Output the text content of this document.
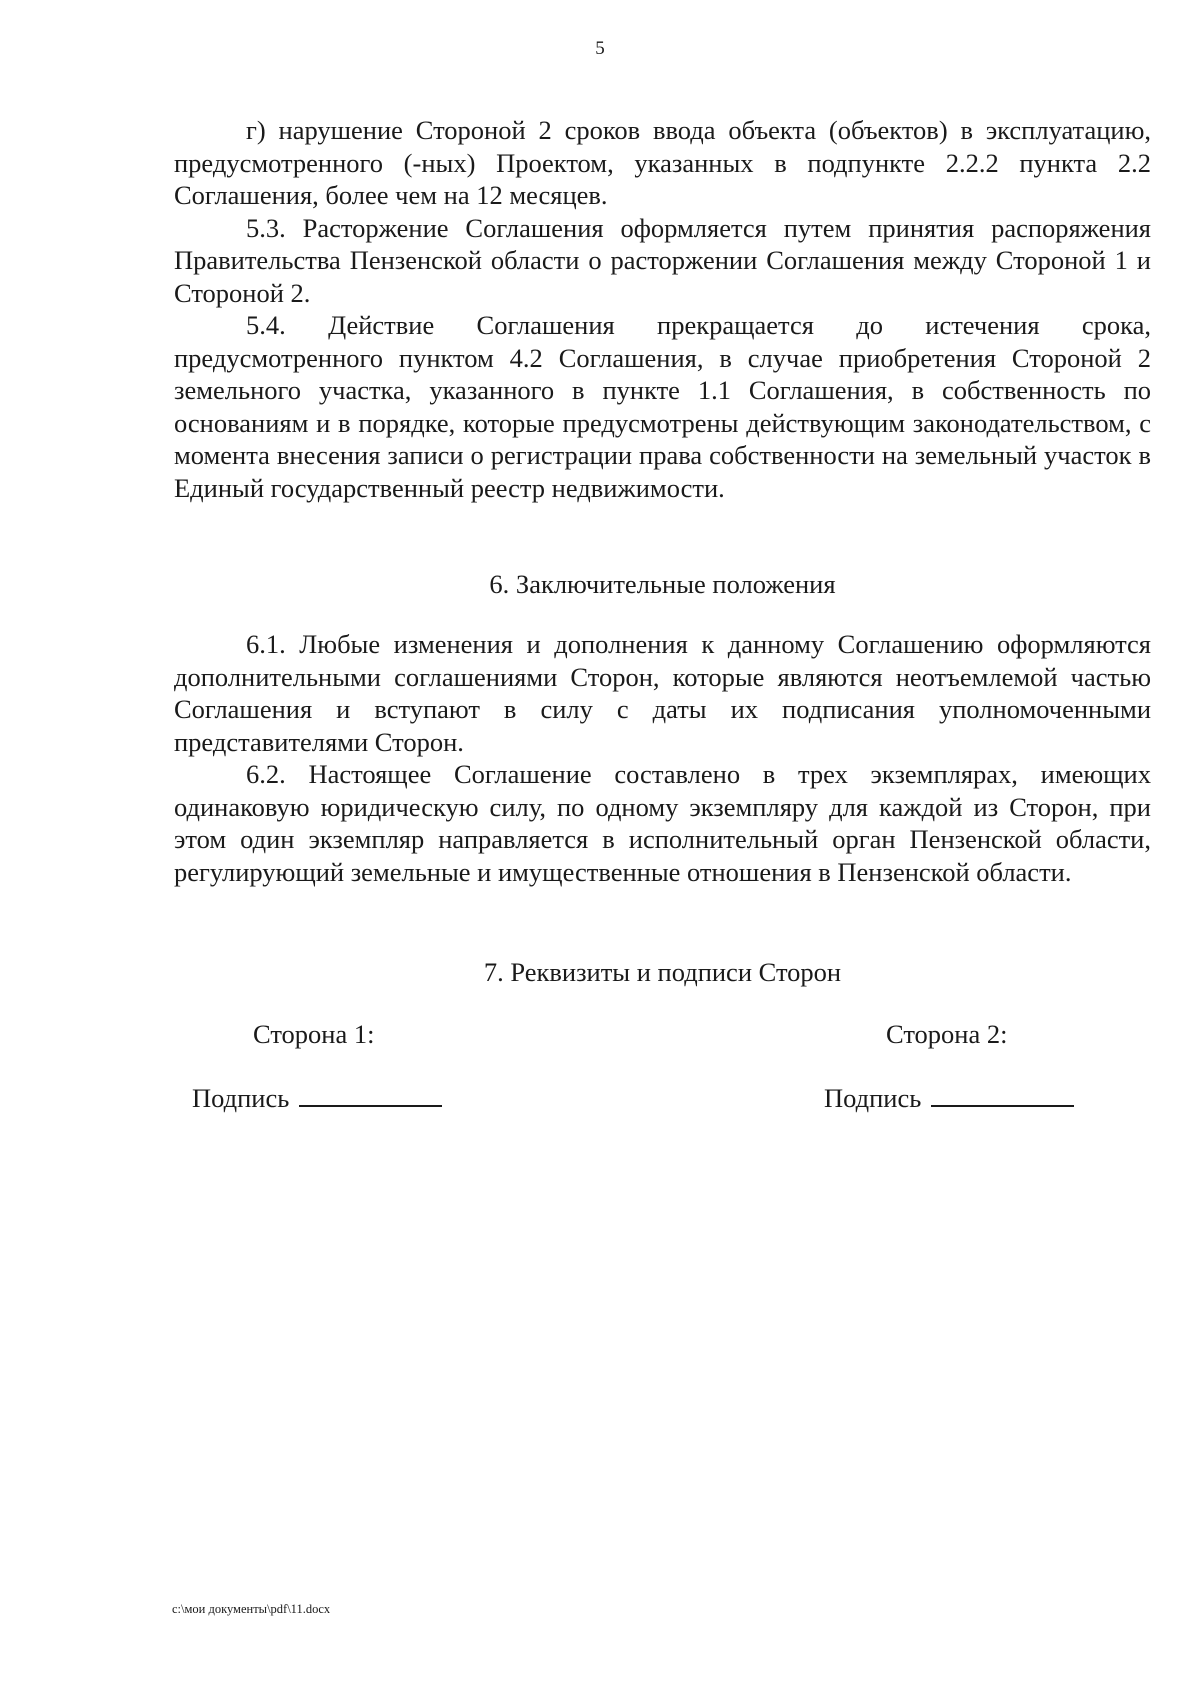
5

г) нарушение Стороной 2 сроков ввода объекта (объектов) в эксплуатацию, предусмотренного (-ных) Проектом, указанных в подпункте 2.2.2 пункта 2.2 Соглашения, более чем на 12 месяцев.

5.3. Расторжение Соглашения оформляется путем принятия распоряжения Правительства Пензенской области о расторжении Соглашения между Стороной 1 и Стороной 2.

5.4. Действие Соглашения прекращается до истечения срока, предусмотренного пунктом 4.2 Соглашения, в случае приобретения Стороной 2 земельного участка, указанного в пункте 1.1 Соглашения, в собственность по основаниям и в порядке, которые предусмотрены действующим законодательством, с момента внесения записи о регистрации права собственности на земельный участок в Единый государственный реестр недвижимости.

6. Заключительные положения

6.1. Любые изменения и дополнения к данному Соглашению оформляются дополнительными соглашениями Сторон, которые являются неотъемлемой частью Соглашения и вступают в силу с даты их подписания уполномоченными представителями Сторон.

6.2. Настоящее Соглашение составлено в трех экземплярах, имеющих одинаковую юридическую силу, по одному экземпляру для каждой из Сторон, при этом один экземпляр направляется в исполнительный орган Пензенской области, регулирующий земельные и имущественные отношения в Пензенской области.

7. Реквизиты и подписи Сторон

Сторона 1:	Сторона 2:
Подпись	Подпись
c:\мои документы\pdf\11.docx
